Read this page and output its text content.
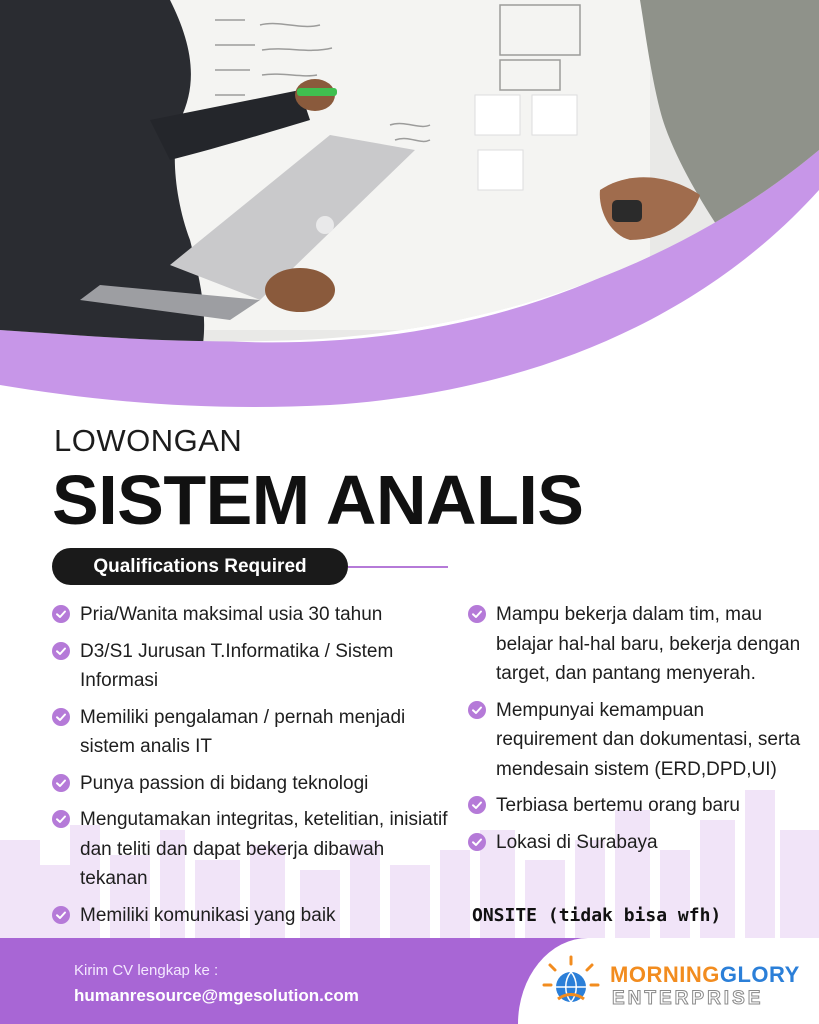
LOWONGAN
SISTEM ANALIS
Qualifications Required
Pria/Wanita maksimal usia 30 tahun
D3/S1 Jurusan T.Informatika / Sistem Informasi
Memiliki pengalaman / pernah menjadi sistem analis IT
Punya passion di bidang teknologi
Mengutamakan integritas, ketelitian, inisiatif dan teliti dan dapat bekerja dibawah tekanan
Memiliki komunikasi yang baik
Mampu bekerja dalam tim, mau belajar hal-hal baru, bekerja dengan target, dan pantang menyerah.
Mempunyai kemampuan requirement dan dokumentasi, serta mendesain sistem (ERD,DPD,UI)
Terbiasa bertemu orang baru
Lokasi di Surabaya
ONSITE (tidak bisa wfh)
Kirim CV lengkap ke :
humanresource@mgesolution.com
MORNINGGLORY
ENTERPRISE
